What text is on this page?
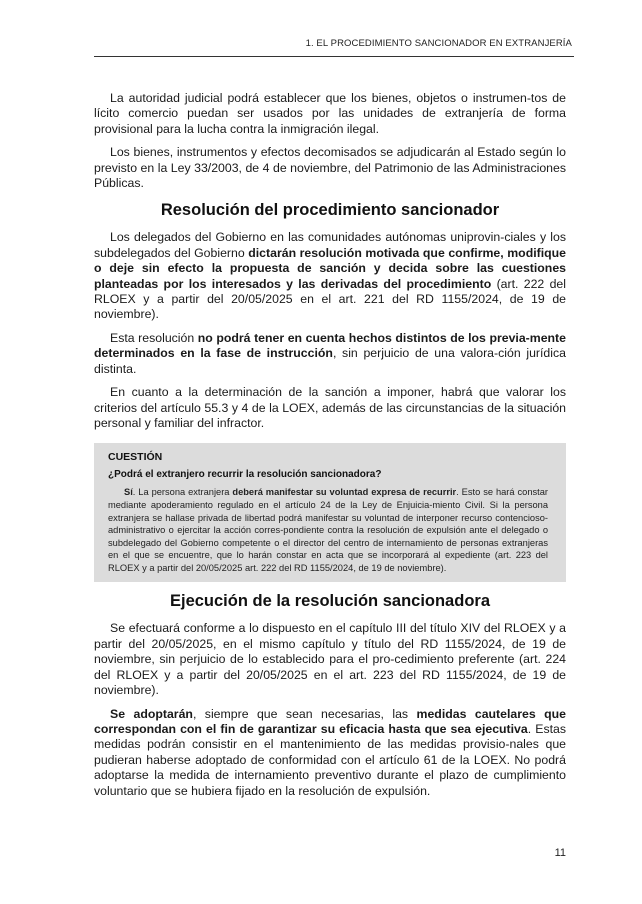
1. EL PROCEDIMIENTO SANCIONADOR EN EXTRANJERÍA

La autoridad judicial podrá establecer que los bienes, objetos o instrumen-tos de lícito comercio puedan ser usados por las unidades de extranjería de forma provisional para la lucha contra la inmigración ilegal.

Los bienes, instrumentos y efectos decomisados se adjudicarán al Estado según lo previsto en la Ley 33/2003, de 4 de noviembre, del Patrimonio de las Administraciones Públicas.

Resolución del procedimiento sancionador

Los delegados del Gobierno en las comunidades autónomas uniprovin-ciales y los subdelegados del Gobierno dictarán resolución motivada que confirme, modifique o deje sin efecto la propuesta de sanción y decida sobre las cuestiones planteadas por los interesados y las derivadas del procedimiento (art. 222 del RLOEX y a partir del 20/05/2025 en el art. 221 del RD 1155/2024, de 19 de noviembre).

Esta resolución no podrá tener en cuenta hechos distintos de los previa-mente determinados en la fase de instrucción, sin perjuicio de una valora-ción jurídica distinta.

En cuanto a la determinación de la sanción a imponer, habrá que valorar los criterios del artículo 55.3 y 4 de la LOEX, además de las circunstancias de la situación personal y familiar del infractor.

CUESTIÓN
¿Podrá el extranjero recurrir la resolución sancionadora?

Sí. La persona extranjera deberá manifestar su voluntad expresa de recurrir. Esto se hará constar mediante apoderamiento regulado en el artículo 24 de la Ley de Enjuicia-miento Civil. Si la persona extranjera se hallase privada de libertad podrá manifestar su voluntad de interponer recurso contencioso-administrativo o ejercitar la acción corres-pondiente contra la resolución de expulsión ante el delegado o subdelegado del Gobierno competente o el director del centro de internamiento de personas extranjeras en el que se encuentre, que lo harán constar en acta que se incorporará al expediente (art. 223 del RLOEX y a partir del 20/05/2025 art. 222 del RD 1155/2024, de 19 de noviembre).

Ejecución de la resolución sancionadora

Se efectuará conforme a lo dispuesto en el capítulo III del título XIV del RLOEX y a partir del 20/05/2025, en el mismo capítulo y título del RD 1155/2024, de 19 de noviembre, sin perjuicio de lo establecido para el pro-cedimiento preferente (art. 224 del RLOEX y a partir del 20/05/2025 en el art. 223 del RD 1155/2024, de 19 de noviembre).

Se adoptarán, siempre que sean necesarias, las medidas cautelares que correspondan con el fin de garantizar su eficacia hasta que sea ejecutiva. Estas medidas podrán consistir en el mantenimiento de las medidas provisio-nales que pudieran haberse adoptado de conformidad con el artículo 61 de la LOEX. No podrá adoptarse la medida de internamiento preventivo durante el plazo de cumplimiento voluntario que se hubiera fijado en la resolución de expulsión.

11
